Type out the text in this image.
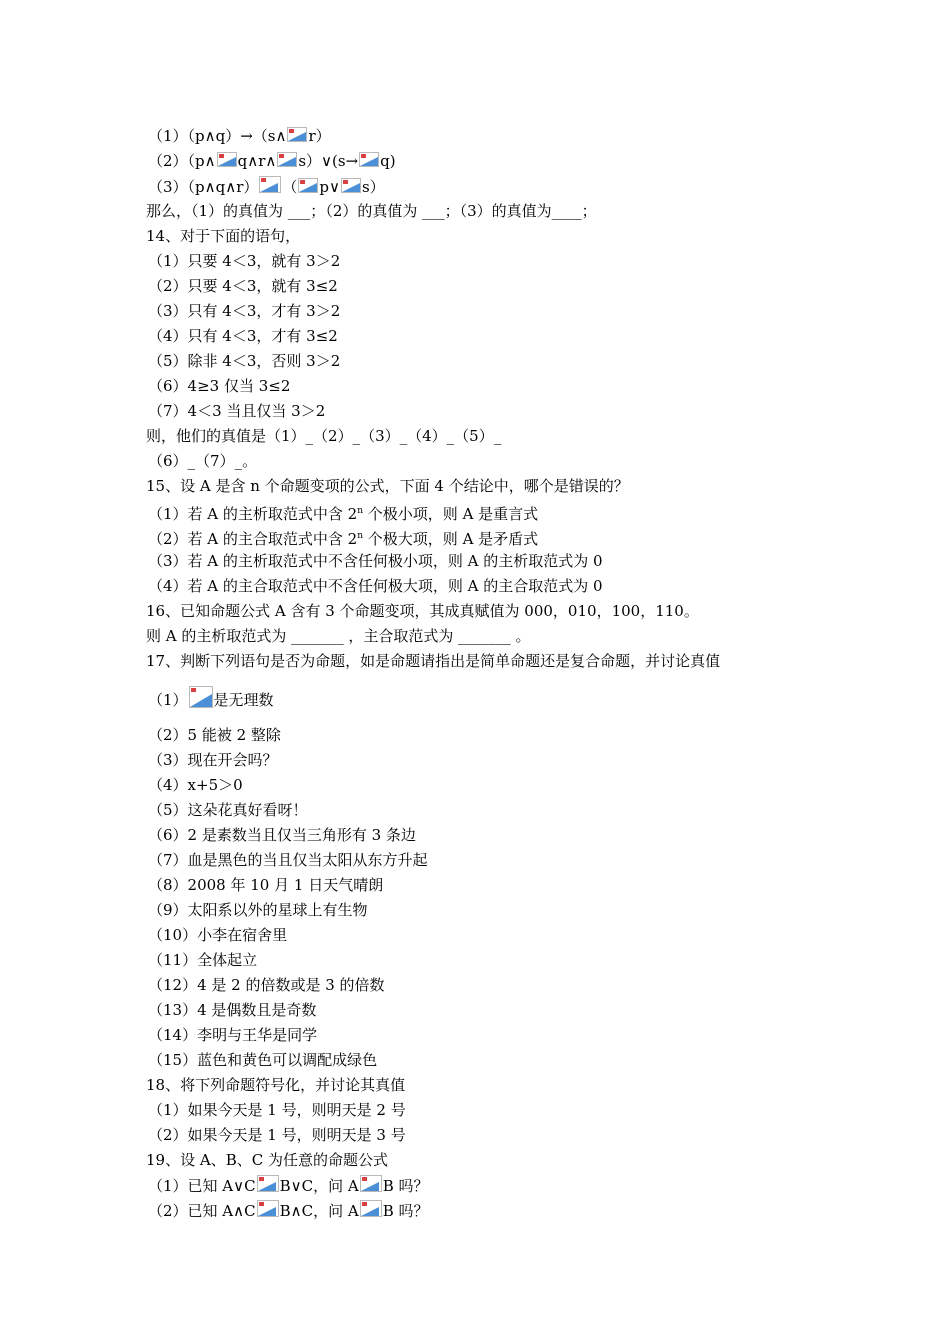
（1）（p∧q）→（s∧ r）
（2）（p∧ q∧r∧ s）∨(s→ q)
（3）（p∧q∧r） （ p∨ s）
那么，（1）的真值为 ___；（2）的真值为 ___；（3）的真值为____；
14、对于下面的语句，
（1）只要 4＜3，就有 3＞2
（2）只要 4＜3，就有 3≤2
（3）只有 4＜3，才有 3＞2
（4）只有 4＜3，才有 3≤2
（5）除非 4＜3，否则 3＞2
（6）4≥3 仅当 3≤2
（7）4＜3 当且仅当 3＞2
则，他们的真值是（1）_（2）_（3）_（4）_（5）_
（6）_（7）_。
15、设 A 是含 n 个命题变项的公式，下面 4 个结论中，哪个是错误的？
（1）若 A 的主析取范式中含 2$^n$ 个极小项，则 A 是重言式
（2）若 A 的主合取范式中含 2$^n$ 个极大项，则 A 是矛盾式
（3）若 A 的主析取范式中不含任何极小项，则 A 的主析取范式为 0
（4）若 A 的主合取范式中不含任何极大项，则 A 的主合取范式为 0
16、已知命题公式 A 含有 3 个命题变项，其成真赋值为 000，010，100，110。
则 A 的主析取范式为 _______ ，主合取范式为 _______ 。
17、判断下列语句是否为命题，如是命题请指出是简单命题还是复合命题，并讨论真值
（1） 是无理数
（2）5 能被 2 整除
（3）现在开会吗？
（4）x+5＞0
（5）这朵花真好看呀！
（6）2 是素数当且仅当三角形有 3 条边
（7）血是黑色的当且仅当太阳从东方升起
（8）2008 年 10 月 1 日天气晴朗
（9）太阳系以外的星球上有生物
（10）小李在宿舍里
（11）全体起立
（12）4 是 2 的倍数或是 3 的倍数
（13）4 是偶数且是奇数
（14）李明与王华是同学
（15）蓝色和黄色可以调配成绿色
18、将下列命题符号化，并讨论其真值
（1）如果今天是 1 号，则明天是 2 号
（2）如果今天是 1 号，则明天是 3 号
19、设 A、B、C 为任意的命题公式
（1）已知 A∨C B∨C，问 A B 吗？
（2）已知 A∧C B∧C，问 A B 吗？
